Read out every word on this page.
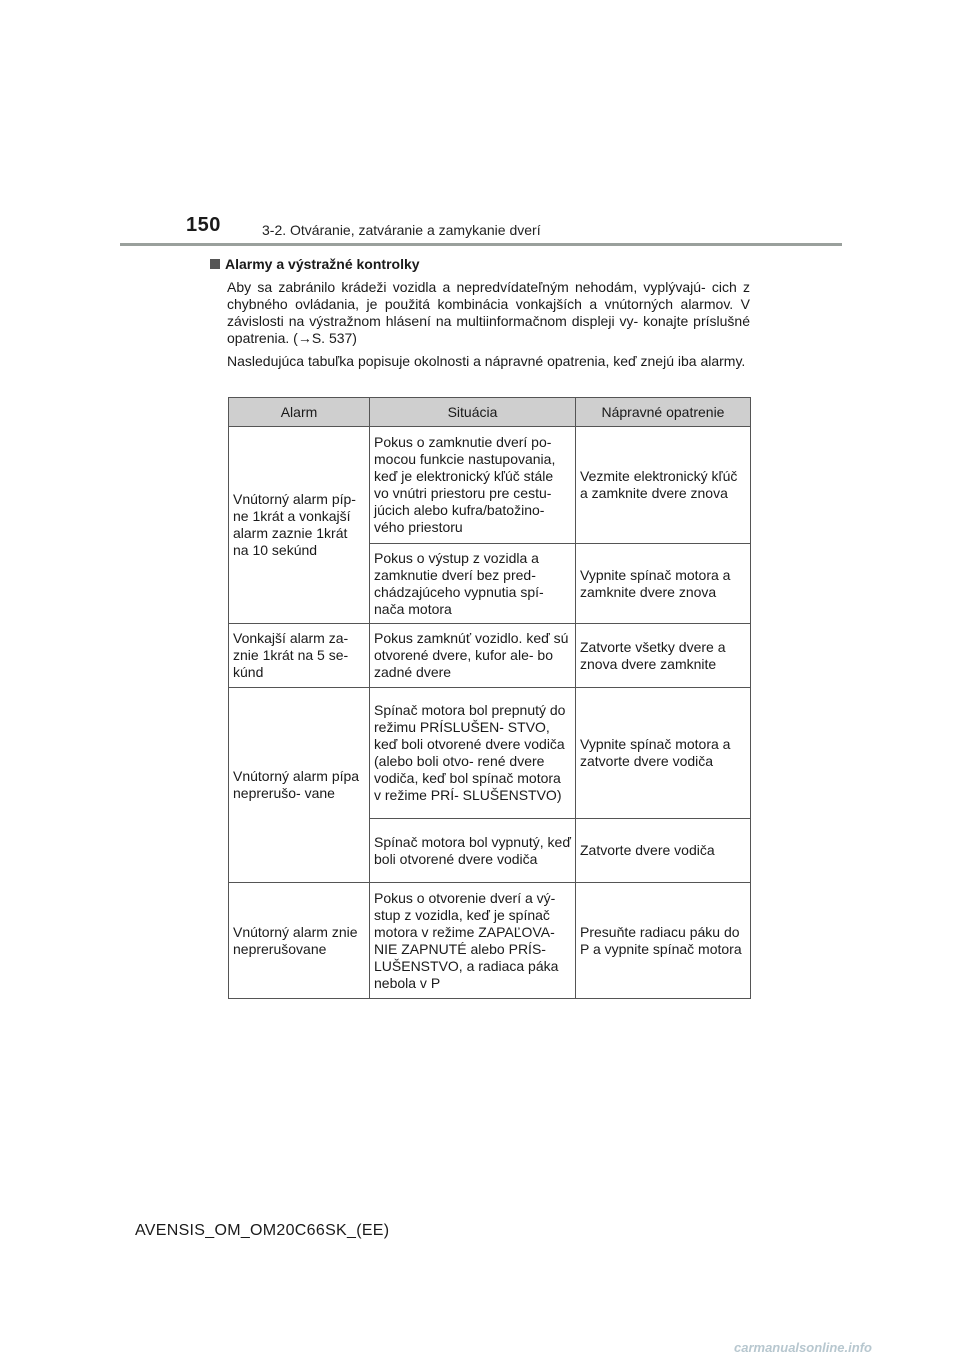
150	3-2. Otváranie, zatváranie a zamykanie dverí

Alarmy a výstražné kontrolky

Aby sa zabránilo krádeži vozidla a nepredvídateľným nehodám, vyplývajú- cich z chybného ovládania, je použitá kombinácia vonkajších a vnútorných alarmov. V závislosti na výstražnom hlásení na multiinformačnom displeji vy- konajte príslušné opatrenia. (→S. 537)

Nasledujúca tabuľka popisuje okolnosti a nápravné opatrenia, keď znejú iba alarmy.

Alarm	Situácia	Nápravné opatrenie
Vnútorný alarm píp- ne 1krát a vonkajší alarm zaznie 1krát na 10 sekúnd	Pokus o zamknutie dverí po- mocou funkcie nastupovania, keď je elektronický kľúč stále vo vnútri priestoru pre cestu- júcich alebo kufra/batožino- vého priestoru	Vezmite elektronický kľúč a zamknite dvere znova
	Pokus o výstup z vozidla a zamknutie dverí bez pred- chádzajúceho vypnutia spí- nača motora	Vypnite spínač motora a zamknite dvere znova
Vonkajší alarm za- znie 1krát na 5 se- kúnd	Pokus zamknúť vozidlo. keď sú otvorené dvere, kufor ale- bo zadné dvere	Zatvorte všetky dvere a znova dvere zamknite
Vnútorný alarm pípa neprerušo- vane	Spínač motora bol prepnutý do režimu PRÍSLUŠEN- STVO, keď boli otvorené dvere vodiča (alebo boli otvo- rené dvere vodiča, keď bol spínač motora v režime PRÍ- SLUŠENSTVO)	Vypnite spínač motora a zatvorte dvere vodiča
	Spínač motora bol vypnutý, keď boli otvorené dvere vodiča	Zatvorte dvere vodiča
Vnútorný alarm znie neprerušovane	Pokus o otvorenie dverí a vý- stup z vozidla, keď je spínač motora v režime ZAPAĽOVA- NIE ZAPNUTÉ alebo PRÍS- LUŠENSTVO, a radiaca páka nebola v P	Presuňte radiacu páku do P a vypnite spínač motora
AVENSIS_OM_OM20C66SK_(EE)
carmanualsonline.info
